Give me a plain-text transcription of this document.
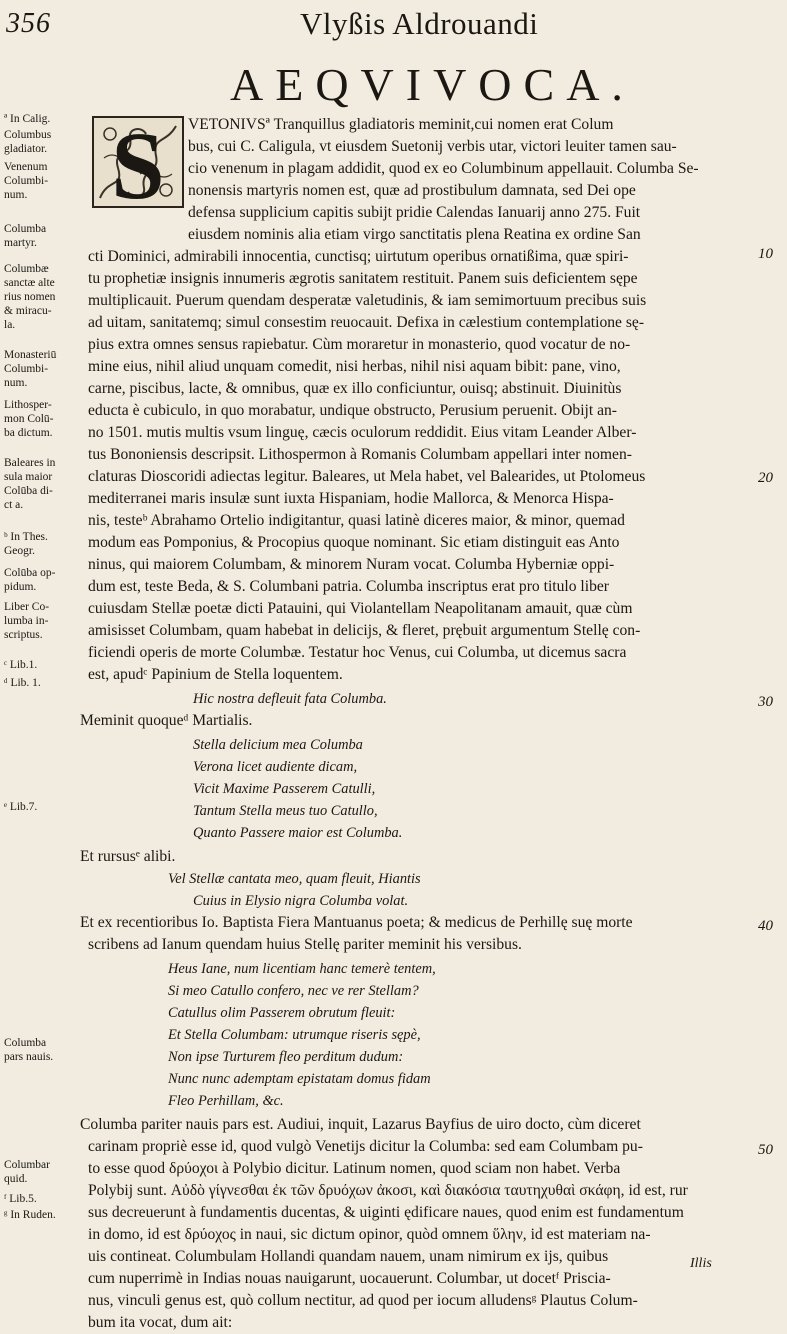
356	Vlyßis Aldrouandi
AEQVIVOCA.
S
ª In Calig.
Columbus
gladiator.
Venenum
Columbi-
num.
Columba
martyr.
Columbæ
sanctæ alte
rius nomen
& miracu-
la.
Monasteriū
Columbi-
num.
Lithosper-
mon Colū-
ba dictum.
Baleares in
sula maior
Colūba di-
ct a.
ᵇ In Thes.
Geogr.
Colūba op-
pidum.
Liber Co-
lumba in-
scriptus.
ᶜ Lib.1.
ᵈ Lib. 1.
ᵉ Lib.7.
Columba
pars nauis.
Columbar
quid.
ᶠ Lib.5.
ᵍ In Ruden.
10
20
30
40
50
VETONIVSª Tranquillus gladiatoris meminit,cui nomen erat Colum
bus, cui C. Caligula, vt eiusdem Suetonij verbis utar, victori leuiter tamen sau-
cio venenum in plagam addidit, quod ex eo Columbinum appellauit. Columba Se-
nonensis martyris nomen est, quæ ad prostibulum damnata, sed Dei ope
defensa supplicium capitis subijt pridie Calendas Ianuarij anno 275. Fuit
eiusdem nominis alia etiam virgo sanctitatis plena Reatina ex ordine San
cti Dominici, admirabili innocentia, cunctisq; uirtutum operibus ornatißima, quæ spiri-
tu prophetiæ insignis innumeris ægrotis sanitatem restituit. Panem suis deficientem sępe
multiplicauit. Puerum quendam desperatæ valetudinis, & iam semimortuum precibus suis
ad uitam, sanitatemq; simul consestim reuocauit. Defixa in cælestium contemplatione sę-
pius extra omnes sensus rapiebatur. Cùm moraretur in monasterio, quod vocatur de no-
mine eius, nihil aliud unquam comedit, nisi herbas, nihil nisi aquam bibit: pane, vino,
carne, piscibus, lacte, & omnibus, quæ ex illo conficiuntur, ouisq; abstinuit. Diuinitùs
educta è cubiculo, in quo morabatur, undique obstructo, Perusium peruenit. Obijt an-
no 1501. mutis multis vsum linguę, cæcis oculorum reddidit. Eius vitam Leander Alber-
tus Bononiensis descripsit. Lithospermon à Romanis Columbam appellari inter nomen-
claturas Dioscoridi adiectas legitur. Baleares, ut Mela habet, vel Balearides, ut Ptolomeus
mediterranei maris insulæ sunt iuxta Hispaniam, hodie Mallorca, & Menorca Hispa-
nis, testeᵇ Abrahamo Ortelio indigitantur, quasi latinè diceres maior, & minor, quemad
modum eas Pomponius, & Procopius quoque nominant. Sic etiam distinguit eas Anto
ninus, qui maiorem Columbam, & minorem Nuram vocat. Columba Hyberniæ oppi-
dum est, teste Beda, & S. Columbani patria. Columba inscriptus erat pro titulo liber
cuiusdam Stellæ poetæ dicti Patauini, qui Violantellam Neapolitanam amauit, quæ cùm
amisisset Columbam, quam habebat in delicijs, & fleret, prębuit argumentum Stellę con-
ficiendi operis de morte Columbæ. Testatur hoc Venus, cui Columba, ut dicemus sacra
est, apudᶜ Papinium de Stella loquentem.
Hic nostra defleuit fata Columba.
Meminit quoqueᵈ Martialis.
Stella delicium mea Columba
Verona licet audiente dicam,
Vicit Maxime Passerem Catulli,
Tantum Stella meus tuo Catullo,
Quanto Passere maior est Columba.
Et rursusᵉ alibi.
Vel Stellæ cantata meo, quam fleuit, Hiantis
Cuius in Elysio nigra Columba volat.
Et ex recentioribus Io. Baptista Fiera Mantuanus poeta; & medicus de Perhillę suę morte
scribens ad Ianum quendam huius Stellę pariter meminit his versibus.
Heus Iane, num licentiam hanc temerè tentem,
Si meo Catullo confero, nec ve rer Stellam?
Catullus olim Passerem obrutum fleuit:
Et Stella Columbam: utrumque riseris sępè,
Non ipse Turturem fleo perditum dudum:
Nunc nunc ademptam epistatam domus fidam
Fleo Perhillam, &c.
Columba pariter nauis pars est. Audiui, inquit, Lazarus Bayfius de uiro docto, cùm diceret
carinam propriè esse id, quod vulgò Venetijs dicitur la Columba: sed eam Columbam pu-
to esse quod δρύοχοι à Polybio dicitur. Latinum nomen, quod sciam non habet. Verba
Polybij sunt. Αὐδὸ γίγνεσθαι ἐκ τῶν δρυόχων ἀκοσι, καὶ διακόσια ταυτηχυθαὶ σκάφη, id est, rur
sus decreuerunt à fundamentis ducentas, & uiginti ędificare naues, quod enim est fundamentum
in domo, id est δρύοχος in naui, sic dictum opinor, quòd omnem ὕλην, id est materiam na-
uis contineat. Columbulam Hollandi quandam nauem, unam nimirum ex ijs, quibus
cum nuperrimè in Indias nouas nauigarunt, uocauerunt. Columbar, ut docetᶠ Priscia-
nus, vinculi genus est, quò collum nectitur, ad quod per iocum alludensᵍ Plautus Colum-
bum ita vocat, dum ait:
Illis
